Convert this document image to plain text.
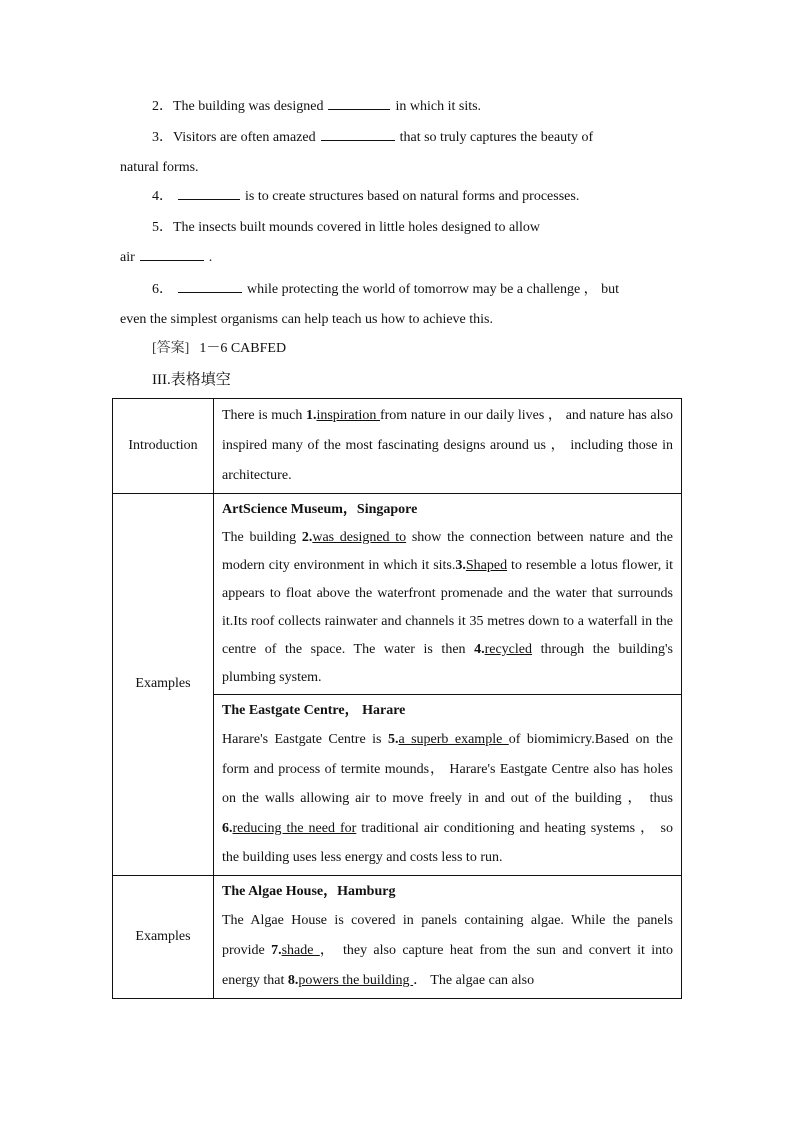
2．The building was designed	in which it sits.
3．Visitors are often amazed	that so truly captures the beauty of
natural forms.
4．	is to create structures based on natural forms and processes.
5．The insects built mounds covered in little holes designed to allow
air	.
6．	while protecting the world of tomorrow may be a challenge ， but
even the simplest organisms can help teach us how to achieve this.
[答案] 1－6 CABFED
III.表格填空
Introduction	There is much 1.inspiration from nature in our daily lives ， and nature has also inspired many of the most fascinating designs around us ， including those in architecture.

Examples	ArtScience Museum，Singapore
The building 2.was designed to show the connection between nature and the modern city environment in which it sits.3.Shaped to resemble a lotus flower, it appears to float above the waterfront promenade and the water that surrounds it.Its roof collects rainwater and channels it 35 metres down to a waterfall in the centre of the space. The water is then 4.recycled through the building's plumbing system.

	The Eastgate Centre， Harare
Harare's Eastgate Centre is 5.a superb example of biomimicry.Based on the form and process of termite mounds， Harare's Eastgate Centre also has holes on the walls allowing air to move freely in and out of the building ， thus 6.reducing the need for traditional air conditioning and heating systems ， so the building uses less energy and costs less to run.

Examples	The Algae House，Hamburg
The Algae House is covered in panels containing algae. While the panels provide 7.shade ， they also capture heat from the sun and convert it into energy that 8.powers the building ． The algae can also
